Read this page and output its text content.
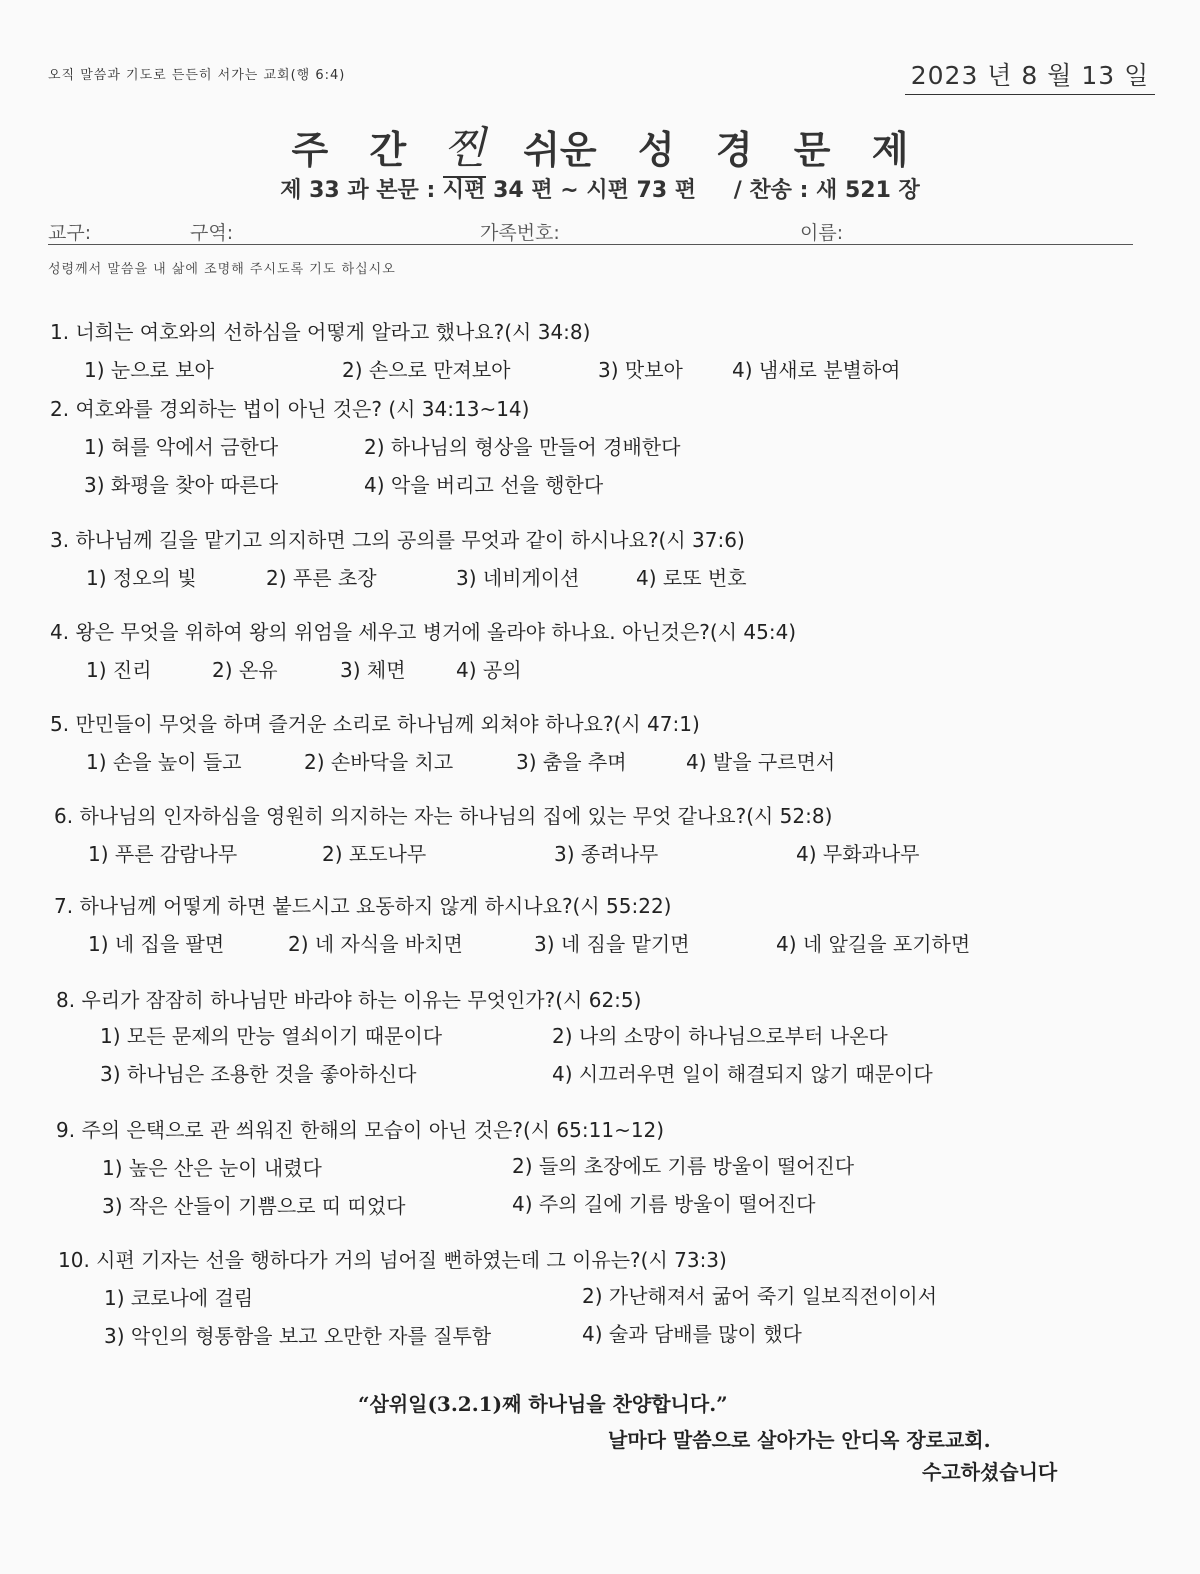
오직 말씀과 기도로 든든히 서가는 교회(행 6:4)	2023 년 8 월 13 일
주 간 찐 쉬운 성 경 문 제
제 33 과 본문 : 시편 34 편 ~ 시편 73 편 / 찬송 : 새 521 장
교구:	구역:	가족번호:	이름:
성령께서 말씀을 내 삶에 조명해 주시도록 기도 하십시오
1. 너희는 여호와의 선하심을 어떻게 알라고 했나요?(시 34:8)
1) 눈으로 보아	2) 손으로 만져보아	3) 맛보아 4) 냄새로 분별하여
2. 여호와를 경외하는 법이 아닌 것은? (시 34:13~14)
1) 혀를 악에서 금한다	2) 하나님의 형상을 만들어 경배한다
3) 화평을 찾아 따른다	4) 악을 버리고 선을 행한다
3. 하나님께 길을 맡기고 의지하면 그의 공의를 무엇과 같이 하시나요?(시 37:6)
1) 정오의 빛	2) 푸른 초장	3) 네비게이션	4) 로또 번호
4. 왕은 무엇을 위하여 왕의 위엄을 세우고 병거에 올라야 하나요. 아닌것은?(시 45:4)
1) 진리	2) 온유	3) 체면	4) 공의
5. 만민들이 무엇을 하며 즐거운 소리로 하나님께 외쳐야 하나요?(시 47:1)
1) 손을 높이 들고	2) 손바닥을 치고	3) 춤을 추며	4) 발을 구르면서
6. 하나님의 인자하심을 영원히 의지하는 자는 하나님의 집에 있는 무엇 같나요?(시 52:8)
1) 푸른 감람나무	2) 포도나무	3) 종려나무	4) 무화과나무
7. 하나님께 어떻게 하면 붙드시고 요동하지 않게 하시나요?(시 55:22)
1) 네 집을 팔면	2) 네 자식을 바치면	3) 네 짐을 맡기면	4) 네 앞길을 포기하면
8. 우리가 잠잠히 하나님만 바라야 하는 이유는 무엇인가?(시 62:5)
1) 모든 문제의 만능 열쇠이기 때문이다	2) 나의 소망이 하나님으로부터 나온다
3) 하나님은 조용한 것을 좋아하신다	4) 시끄러우면 일이 해결되지 않기 때문이다
9. 주의 은택으로 관 씌워진 한해의 모습이 아닌 것은?(시 65:11~12)
1) 높은 산은 눈이 내렸다	2) 들의 초장에도 기름 방울이 떨어진다
3) 작은 산들이 기쁨으로 띠 띠었다	4) 주의 길에 기름 방울이 떨어진다
10. 시편 기자는 선을 행하다가 거의 넘어질 뻔하였는데 그 이유는?(시 73:3)
1) 코로나에 걸림	2) 가난해져서 굶어 죽기 일보직전이이서
3) 악인의 형통함을 보고 오만한 자를 질투함	4) 술과 담배를 많이 했다
“삼위일(3.2.1)째 하나님을 찬양합니다.”
날마다 말씀으로 살아가는 안디옥 장로교회.
수고하셨습니다
